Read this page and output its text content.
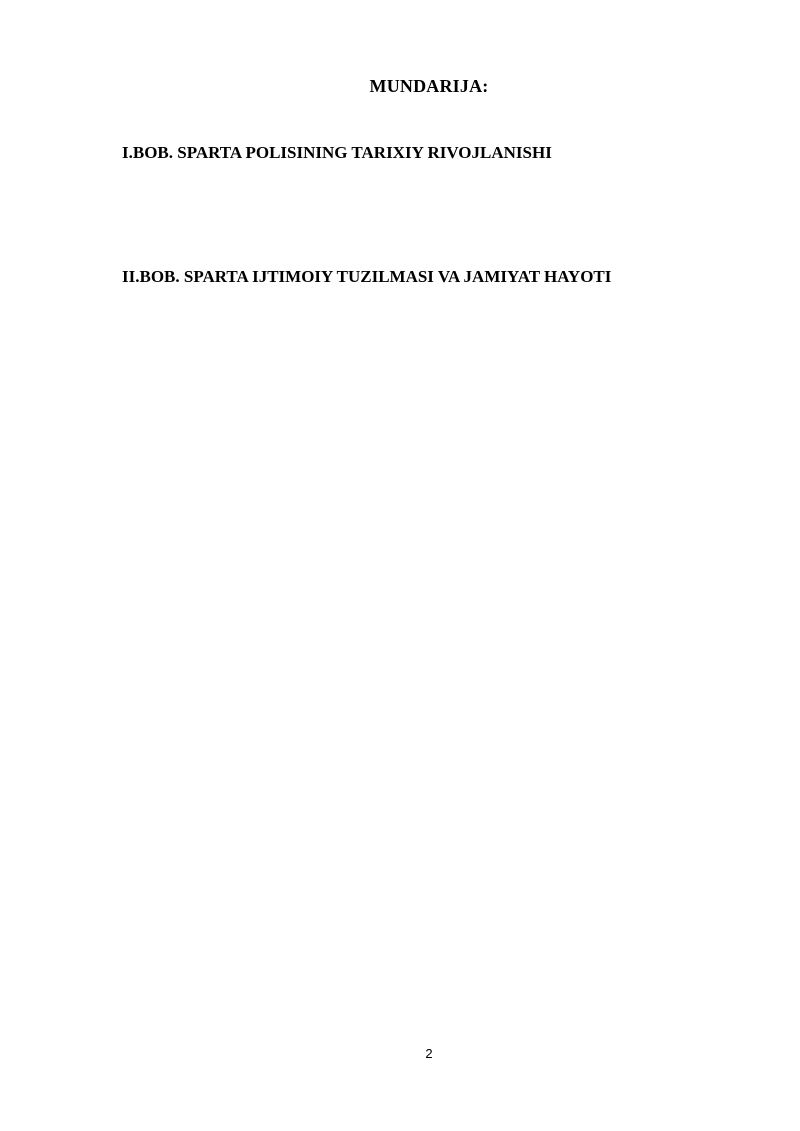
MUNDARIJA:
I.BOB. SPARTA POLISINING TARIXIY RIVOJLANISHI
II.BOB. SPARTA IJTIMOIY TUZILMASI VA JAMIYAT HAYOTI
2
